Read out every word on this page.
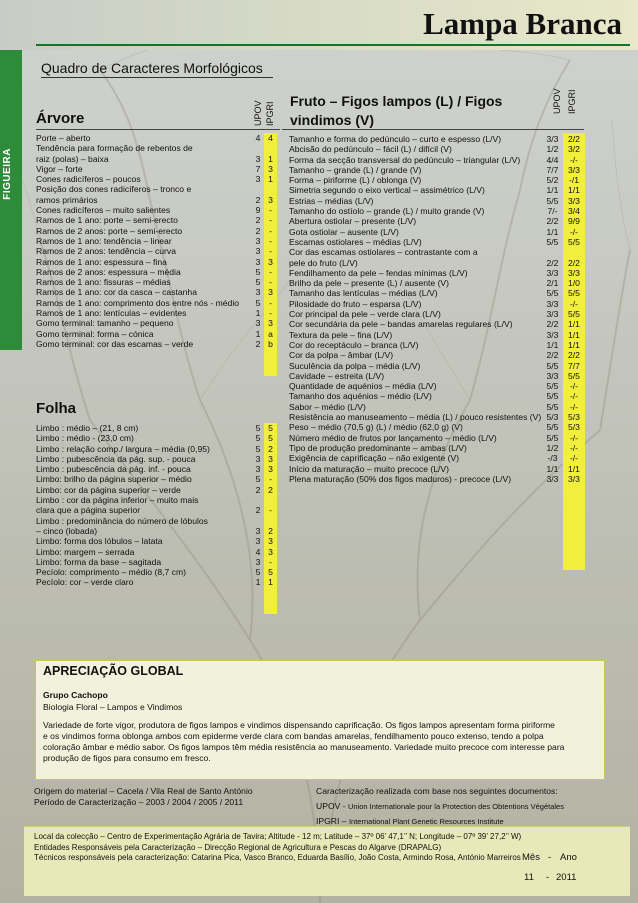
Lampa Branca
FIGUEIRA
Quadro de Caracteres Morfológicos
Árvore	UPOV IPGRI
Fruto – Figos lampos (L) / Figos
vindimos (V)
UPOV IPGRI
Porte – aberto
Tendência para formação de rebentos de
raiz (polas) – baixa
Vigor – forte
Cones radicíferos – poucos
Posição dos cones radicíferos – tronco e
ramos primários
Cones radicíferos – muito salientes
Ramos de 1 ano: porte – semi-erecto
Ramos de 2 anos: porte – semi-erecto
Ramos de 1 ano: tendência – linear
Ramos de 2 anos: tendência – curva
Ramos de 1 ano: espessura – fina
Ramos de 2 anos: espessura – média
Ramos de 1 ano: fissuras – médias
Ramos de 1 ano: cor da casca – castanha
Ramos de 1 ano: comprimento dos entre nós - médio
Ramos de 1 ano: lentículas – evidentes
Gomo terminal: tamanho – pequeno
Gomo terminal: forma – cónica
Gomo terminal: cor das escamas – verde
4
3
7
3
2
9
2
2
3
3
3
5
5
3
5
1
3
1
2
4
1
3
1
3
-
-
-
-
-
3
-
-
3
-
-
3
a
b
Folha
Limbo : médio – (21, 8 cm)
Limbo : médio - (23,0 cm)
Limbo : relação comp./ largura – média (0,95)
Limbo : pubescência da pág. sup. - pouca
Limbo : pubescência da pág. inf. - pouca
Limbo: brilho da página superior – médio
Limbo: cor da página superior – verde
Limbo : cor da página inferior – muito mais
clara que a página superior
Limbo : predominância do número de lóbulos
– cinco (lobada)
Limbo: forma dos lóbulos – latata
Limbo: margem – serrada
Limbo: forma da base – sagitada
Pecíolo: comprimento – médio (8,7 cm)
Pecíolo: cor – verde claro
5
5
5
3
3
5
2
2
3
3
4
3
5
1
5
5
2
3
3
-
2
-
2
3
3
-
5
1
Tamanho e forma do pedúnculo – curto e espesso (L/V)
Abcisão do pedúnculo – fácil (L) / difícil (V)
Forma da secção transversal do pedúnculo – triangular (L/V)
Tamanho – grande (L) / grande (V)
Forma – piriforme (L) / oblonga (V)
Simetria segundo o eixo vertical – assimétrico (L/V)
Estrias – médias (L/V)
Tamanho do ostíolo – grande (L) / muito grande (V)
Abertura ostiolar – presente (L/V)
Gota ostiolar – ausente (L/V)
Escamas ostiolares – médias (L/V)
Cor das escamas ostiolares – contrastante com a
pele do fruto (L/V)
Fendilhamento da pele – fendas mínimas (L/V)
Brilho da pele – presente (L) / ausente (V)
Tamanho das lentículas – médias (L/V)
Pilosidade do fruto – esparsa (L/V)
Cor principal da pele – verde clara (L/V)
Cor secundária da pele – bandas amarelas regulares (L/V)
Textura da pele – fina (L/V)
Cor do receptáculo – branca (L/V)
Cor da polpa – âmbar (L/V)
Suculência da polpa – média (L/V)
Cavidade – estreita (L/V)
Quantidade de aquénios – média (L/V)
Tamanho dos aquénios – médio (L/V)
Sabor – médio (L/V)
Resistência ao manuseamento – média (L) / pouco resistentes (V)
Peso – médio (70,5 g) (L) / médio (62,0 g) (V)
Número médio de frutos por lançamento – médio (L/V)
Tipo de produção predominante – ambas (L/V)
Exigência de caprificação – não exigente (V)
Início da maturação – muito precoce (L/V)
Plena maturação (50% dos figos maduros) - precoce (L/V)
3/3
1/2
4/4
7/7
5/2
1/1
5/5
7/-
2/2
1/1
5/5
2/2
3/3
2/1
5/5
3/3
3/3
2/2
3/3
1/1
2/2
5/5
3/3
5/5
5/5
5/5
5/3
5/5
5/5
1/2
-/3
1/1
3/3
2/2
3/2
-/-
3/3
-/1
1/1
3/3
3/4
9/9
-/-
5/5
2/2
3/3
1/0
5/5
-/-
5/5
1/1
1/1
1/1
2/2
7/7
5/5
-/-
-/-
-/-
5/3
5/3
-/-
-/-
-/-
1/1
3/3
APRECIAÇÃO GLOBAL
Grupo Cachopo
Biologia Floral – Lampos e Vindimos
Variedade de forte vigor, produtora de figos lampos e vindimos dispensando caprificação. Os figos lampos apresentam forma piriforme
e os vindimos forma oblonga ambos com epiderme verde clara com bandas amarelas, fendilhamento pouco extenso, tendo a polpa
coloração âmbar e médio sabor. Os figos lampos têm média resistência ao manuseamento. Variedade muito precoce com interesse para
produção de figos para consumo em fresco.
Origem do material – Cacela / Vila Real de Santo António
Período de Caracterização – 2003 / 2004 / 2005 / 2011
Caracterização realizada com base nos seguintes documentos:
UPOV - Union Internationale pour la Protection des Obtentions Végétales
IPGRI – International Plant Genetic Resources Institute
Local da colecção – Centro de Experimentação Agrária de Tavira; Altitude - 12 m; Latitude – 37º 06’ 47,1’’ N; Longitude – 07º 39’ 27,2’’ W)
Entidades Responsáveis pela Caracterização – Direcção Regional de Agricultura e Pescas do Algarve (DRAPALG)
Técnicos responsáveis pela caracterização: Catarina Pica, Vasco Branco, Eduarda Basílio, João Costa, Armindo Rosa, António Marreiros Mês - Ano
11 - 2011
